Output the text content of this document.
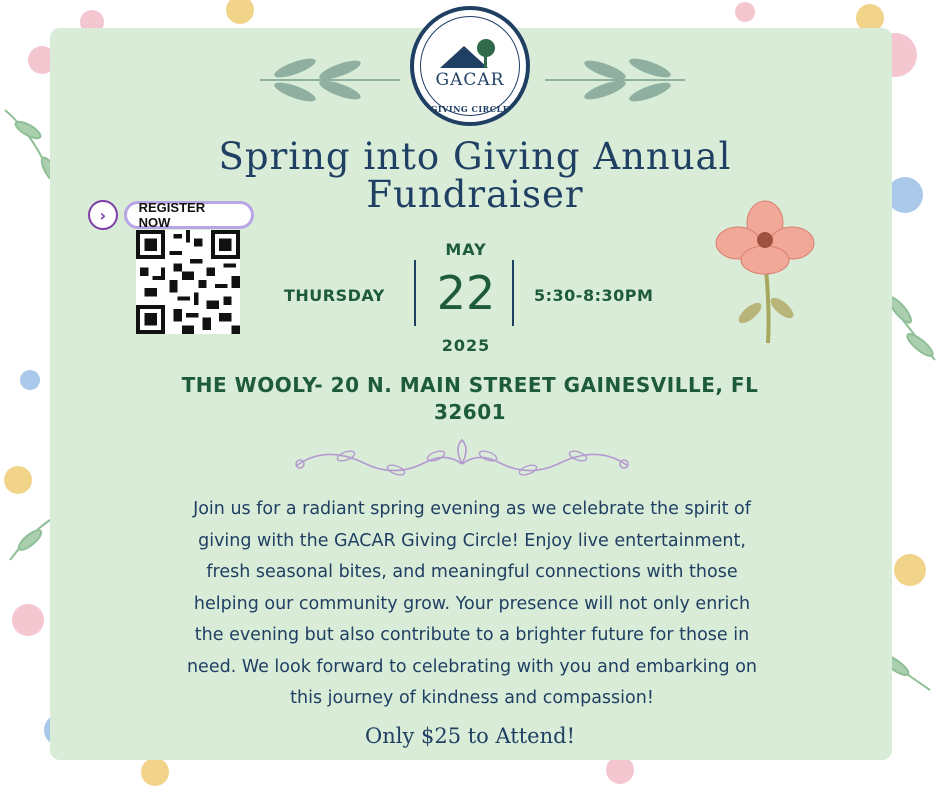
GACAR
GIVING CIRCLE
Spring into Giving Annual
Fundraiser
›	REGISTER NOW
THURSDAY
MAY
22
2025
5:30-8:30PM
THE WOOLY- 20 N. MAIN STREET GAINESVILLE, FL
32601
Join us for a radiant spring evening as we celebrate the spirit of
giving with the GACAR Giving Circle! Enjoy live entertainment,
fresh seasonal bites, and meaningful connections with those
helping our community grow. Your presence will not only enrich
the evening but also contribute to a brighter future for those in
need. We look forward to celebrating with you and embarking on
this journey of kindness and compassion!
Only $25 to Attend!
